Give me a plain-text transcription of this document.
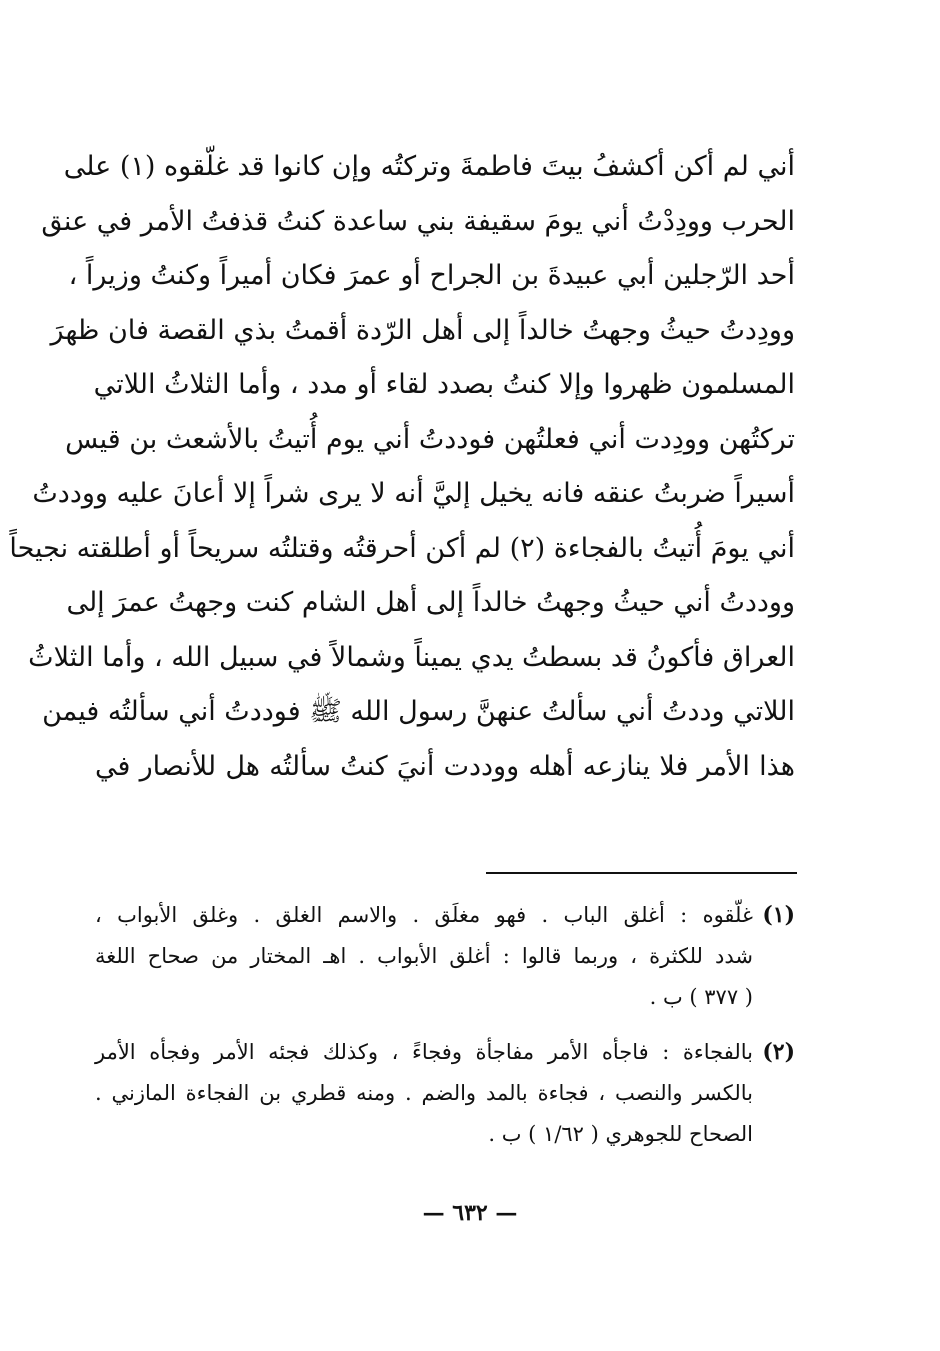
أني لم أكن أكشفُ بيتَ فاطمةَ وتركتُه وإن كانوا قد غلّقوه (١) على
الحرب وودِدْتُ أني يومَ سقيفة بني ساعدة كنتُ قذفتُ الأمر في عنق
أحد الرّجلين أبي عبيدةَ بن الجراح أو عمرَ فكان أميراً وكنتُ وزيراً ،
وودِدتُ حيثُ وجهتُ خالداً إلى أهل الرّدة أقمتُ بذي القصة فان ظهرَ
المسلمون ظهروا وإلا كنتُ بصدد لقاء أو مدد ، وأما الثلاثُ اللاتي
تركتُهن وودِدت أني فعلتُهن فوددتُ أني يوم أُتيتُ بالأشعث بن قيس
أسيراً ضربتُ عنقه فانه يخيل إليَّ أنه لا يرى شراً إلا أعانَ عليه ووددتُ
أني يومَ أُتيتُ بالفجاءة (٢) لم أكن أحرقتُه وقتلتُه سريحاً أو أطلقته نجيحاً
ووددتُ أني حيثُ وجهتُ خالداً إلى أهل الشام كنت وجهتُ عمرَ إلى
العراق فأكونُ قد بسطتُ يدي يميناً وشمالاً في سبيل الله ، وأما الثلاثُ
اللاتي وددتُ أني سألتُ عنهنَّ رسول الله ﷺ فوددتُ أني سألتُه فيمن
هذا الأمر فلا ينازعه أهله ووددت أنيَ كنتُ سألتُه هل للأنصار في
(١)
غلّقوه : أغلق الباب . فهو مغلَق . والاسم الغلق . وغلق الأبواب ،
شدد للكثرة ، وربما قالوا : أغلق الأبواب . اهـ المختار من صحاح اللغة
( ٣٧٧ ) ب .
(٢)
بالفجاءة : فاجأه الأمر مفاجأة وفجاءً ، وكذلك فجئه الأمر وفجأه الأمر
بالكسر والنصب ، فجاءة بالمد والضم . ومنه قطري بن الفجاءة المازني .
الصحاح للجوهري ( ١/٦٢ ) ب .
— ٦٣٢ —
